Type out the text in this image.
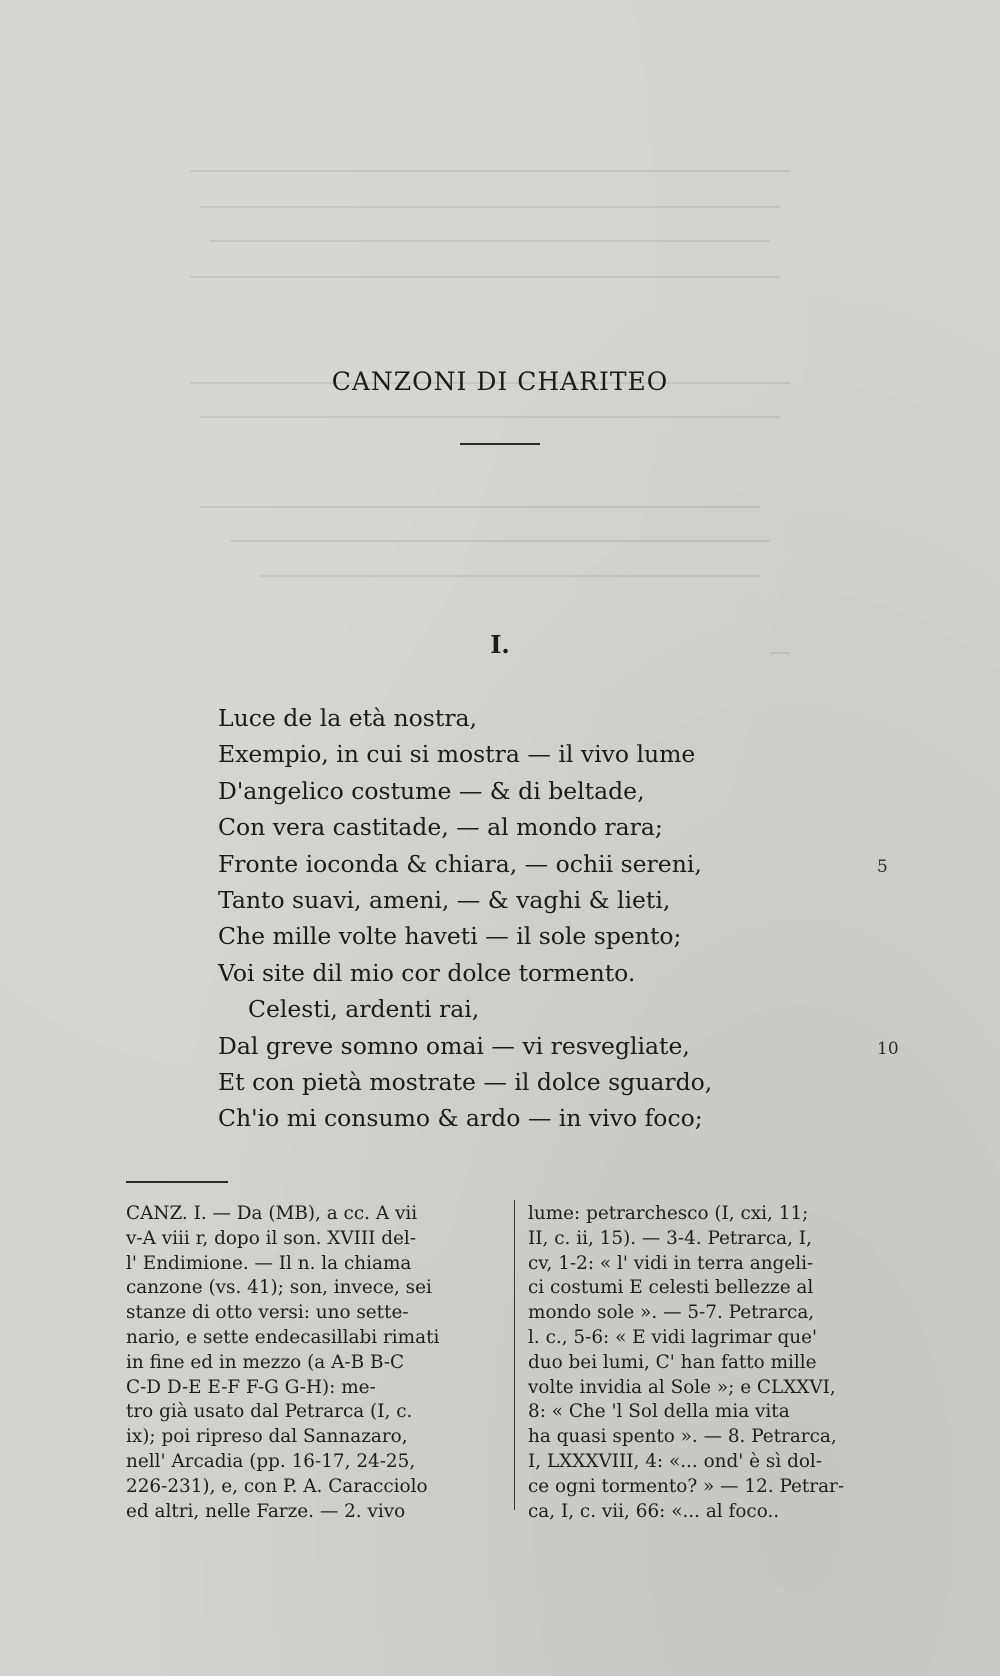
CANZONI DI CHARITEO
I.
Luce de la età nostra,
Exempio, in cui si mostra — il vivo lume
D'angelico costume — & di beltade,
Con vera castitade, — al mondo rara;
Fronte ioconda & chiara, — ochii sereni,	5
Tanto suavi, ameni, — & vaghi & lieti,
Che mille volte haveti — il sole spento;
Voi site dil mio cor dolce tormento.
Celesti, ardenti rai,
Dal greve somno omai — vi resvegliate,	10
Et con pietà mostrate — il dolce sguardo,
Ch'io mi consumo & ardo — in vivo foco;
CANZ. I. — Da (MB), a cc. A vii
v-A viii r, dopo il son. XVIII del-
l' Endimione. — Il n. la chiama
canzone (vs. 41); son, invece, sei
stanze di otto versi: uno sette-
nario, e sette endecasillabi rimati
in fine ed in mezzo (a A-B B-C
C-D D-E E-F F-G G-H): me-
tro già usato dal Petrarca (I, c.
ix); poi ripreso dal Sannazaro,
nell' Arcadia (pp. 16-17, 24-25,
226-231), e, con P. A. Caracciolo
ed altri, nelle Farze. — 2. vivo
lume: petrarchesco (I, cxi, 11;
II, c. ii, 15). — 3-4. Petrarca, I,
cv, 1-2: « l' vidi in terra angeli-
ci costumi E celesti bellezze al
mondo sole ». — 5-7. Petrarca,
l. c., 5-6: « E vidi lagrimar que'
duo bei lumi, C' han fatto mille
volte invidia al Sole »; e CLXXVI,
8: « Che 'l Sol della mia vita
ha quasi spento ». — 8. Petrarca,
I, LXXXVIII, 4: «... ond' è sì dol-
ce ogni tormento? » — 12. Petrar-
ca, I, c. vii, 66: «... al foco..
